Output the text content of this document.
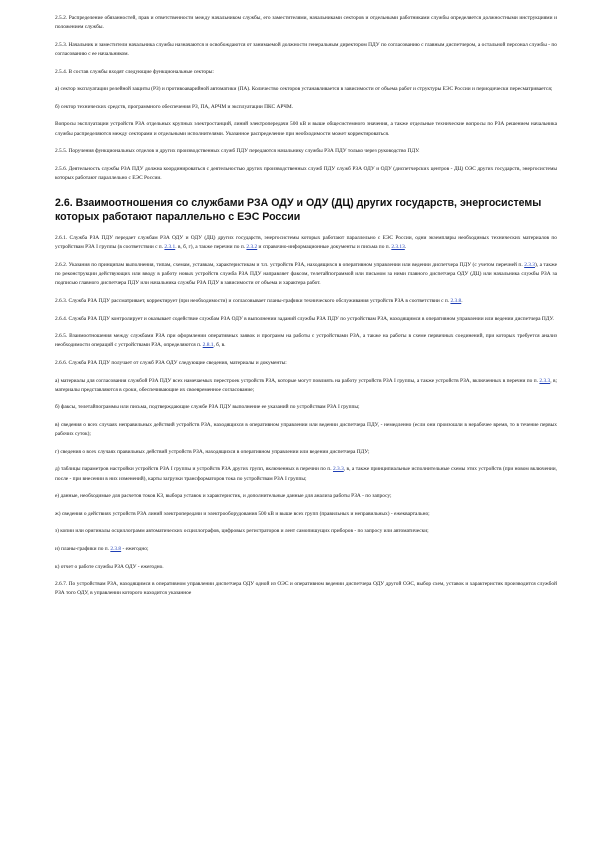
2.5.2. Распределение обязанностей, прав и ответственности между начальником службы, его заместителями, начальниками секторов и отдельными работниками службы определяется должностными инструкциями и положением службы.

2.5.3. Начальник и заместители начальника службы назначаются и освобождаются от занимаемой должности генеральным директором ПДУ по согласованию с главным диспетчером, а остальной персонал службы - по согласованию с ее начальником.

2.5.4. В состав службы входят следующие функциональные секторы:

а) сектор эксплуатации релейной защиты (РЗ) и противоаварийной автоматики (ПА). Количество секторов устанавливается в зависимости от объема работ и структуры ЕЭС России и периодически пересматривается;

б) сектор технических средств, программного обеспечения РЗ, ПА, АРЧМ и эксплуатации ПКС АРЧМ.

Вопросы эксплуатации устройств РЗА отдельных крупных электростанций, линий электропередачи 500 кВ и выше общесистемного значения, а также отдельные технические вопросы по РЗА решением начальника службы распределяются между секторами и отдельными исполнителями. Указанное распределение при необходимости может корректироваться.

2.5.5. Поручения функциональных отделов и других производственных служб ПДУ передаются начальнику службы РЗА ПДУ только через руководство ПДУ.

2.5.6. Деятельность службы РЗА ПДУ должна координироваться с деятельностью других производственных служб ПДУ служб РЗА ОДУ и ОДУ (диспетчерских центров - ДЦ) ОЭС других государств, энергосистемы которых работают параллельно с ЕЭС России.

2.6. Взаимоотношения со службами РЗА ОДУ и ОДУ (ДЦ) других государств, энергосистемы которых работают параллельно с ЕЭС России

2.6.1. Служба РЗА ПДУ передает службам РЗА ОДУ и ОДУ (ДЦ) других государств, энергосистемы которых работают параллельно с ЕЭС России, одни экземпляры необходимых технических материалов по устройствам РЗА I группы (в соответствии с п. 2.3.1. в, б, г), а также перечни по п. 2.3.2 и справочно-информационные документы и письма по п. 2.3.13.

2.6.2. Указания по принципам выполнения, типам, схемам, уставкам, характеристикам и т.п. устройств РЗА, находящихся в оперативном управлении или ведении диспетчера ПДУ (с учетом перечней п. 2.3.3), а также по реконструкции действующих или вводу в работу новых устройств служба РЗА ПДУ направляет факсом, телетайпограммой или письмом за ними главного диспетчера ОДУ (ДЦ) или начальника службы РЗА за подписью главного диспетчера ПДУ или начальника службы РЗА ПДУ в зависимости от объема и характера работ.

2.6.3. Служба РЗА ПДУ рассматривает, корректирует (при необходимости) и согласовывает планы-графики технического обслуживания устройств РЗА в соответствии с п. 2.3.8.

2.6.4. Служба РЗА ПДУ контролирует и оказывает содействие службам РЗА ОДУ в выполнении заданий службы РЗА ПДУ по устройствам РЗА, находящимся в оперативном управлении или ведении диспетчера ПДУ.

2.6.5. Взаимоотношения между службами РЗА при оформлении оперативных заявок и программ на работы с устройствами РЗА, а также на работы в схеме первичных соединений, при которых требуется анализ необходимости операций с устройствами РЗА, определяются п. 2.8.1, б, в.

2.6.6. Служба РЗА ПДУ получает от служб РЗА ОДУ следующие сведения, материалы и документы:

а) материалы для согласования службой РЗА ПДУ всех намечаемых перестроек устройств РЗА, которые могут повлиять на работу устройств РЗА I группы, а также устройств РЗА, включенных в перечни по п. 2.3.3, в; материалы представляются в сроки, обеспечивающие их своевременное согласование;

б) факсы, телетайпограммы или письма, подтверждающие службе РЗА ПДУ выполнение ее указаний по устройствам РЗА I группы;

в) сведения о всех случаях неправильных действий устройств РЗА, находящихся в оперативном управлении или ведении диспетчера ПДУ, - немедленно (если они произошли в нерабочее время, то в течение первых рабочих суток);

г) сведения о всех случаях правильных действий устройств РЗА, находящихся в оперативном управлении или ведении диспетчера ПДУ;

д) таблицы параметров настройки устройств РЗА I группы и устройств РЗА других групп, включенных в перечни по п. 2.3.3, в, а также принципиальные исполнительные схемы этих устройств (при новом включении, после - при внесении в них изменений), карты загрузки трансформаторов тока по устройствам РЗА I группы;

е) данные, необходимые для расчетов токов КЗ, выбора уставок и характеристик, и дополнительные данные для анализа работы РЗА - по запросу;

ж) сведения о действиях устройств РЗА линий электропередачи и электрооборудования 500 кВ и выше всех групп (правильных и неправильных) - ежеквартально;

з) копии или оригиналы осциллограмм автоматических осциллографов, цифровых регистраторов и лент самопишущих приборов - по запросу или автоматически;

и) планы-графики по п. 2.3.8 - ежегодно;

к) отчет о работе службы РЗА ОДУ - ежегодно.

2.6.7. По устройствам РЗА, находящимся в оперативном управлении диспетчера ОДУ одной из ОЭС и оперативном ведении диспетчера ОДУ другой ОЭС, выбор схем, уставок и характеристик производится службой РЗА того ОДУ, в управлении которого находится указанное
